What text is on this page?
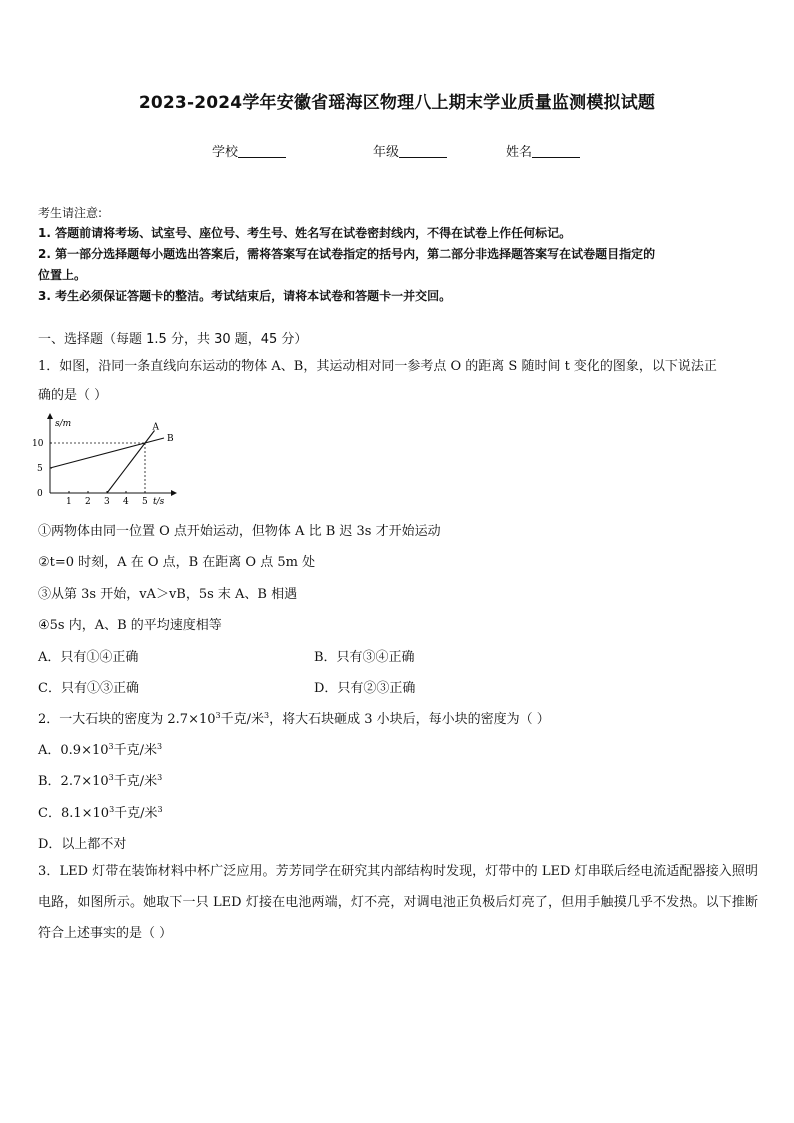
2023-2024学年安徽省瑶海区物理八上期末学业质量监测模拟试题
学校	年级	姓名
考生请注意:
1. 答题前请将考场、试室号、座位号、考生号、姓名写在试卷密封线内，不得在试卷上作任何标记。
2. 第一部分选择题每小题选出答案后，需将答案写在试卷指定的括号内，第二部分非选择题答案写在试卷题目指定的
位置上。
3. 考生必须保证答题卡的整洁。考试结束后，请将本试卷和答题卡一并交回。
一、选择题（每题 1.5 分，共 30 题，45 分）
1．如图，沿同一条直线向东运动的物体 A、B，其运动相对同一参考点 O 的距离 S 随时间 t 变化的图象，以下说法正
确的是（ ）
s/m
t/s
1 2 3 4 5
0
5
10
A
B
①两物体由同一位置 O 点开始运动，但物体 A 比 B 迟 3s 才开始运动
②t=0 时刻，A 在 O 点，B 在距离 O 点 5m 处
③从第 3s 开始，vA＞vB，5s 末 A、B 相遇
④5s 内，A、B 的平均速度相等
A．只有①④正确	B．只有③④正确
C．只有①③正确	D．只有②③正确
2．一大石块的密度为 $2.7\times 10^3$千克/米$^3$，将大石块砸成 3 小块后，每小块的密度为（ ）
A．$0.9\times 10^3$千克/米$^3$
B．$2.7\times 10^3$千克/米$^3$
C．$8.1\times 10^3$千克/米$^3$
D．以上都不对
3．LED 灯带在装饰材料中杯广泛应用。芳芳同学在研究其内部结构时发现，灯带中的 LED 灯串联后经电流适配器接入照明电路，如图所示。她取下一只 LED 灯接在电池两端，灯不亮，对调电池正负极后灯亮了，但用手触摸几乎不发热。以下推断符合上述事实的是（ ）
